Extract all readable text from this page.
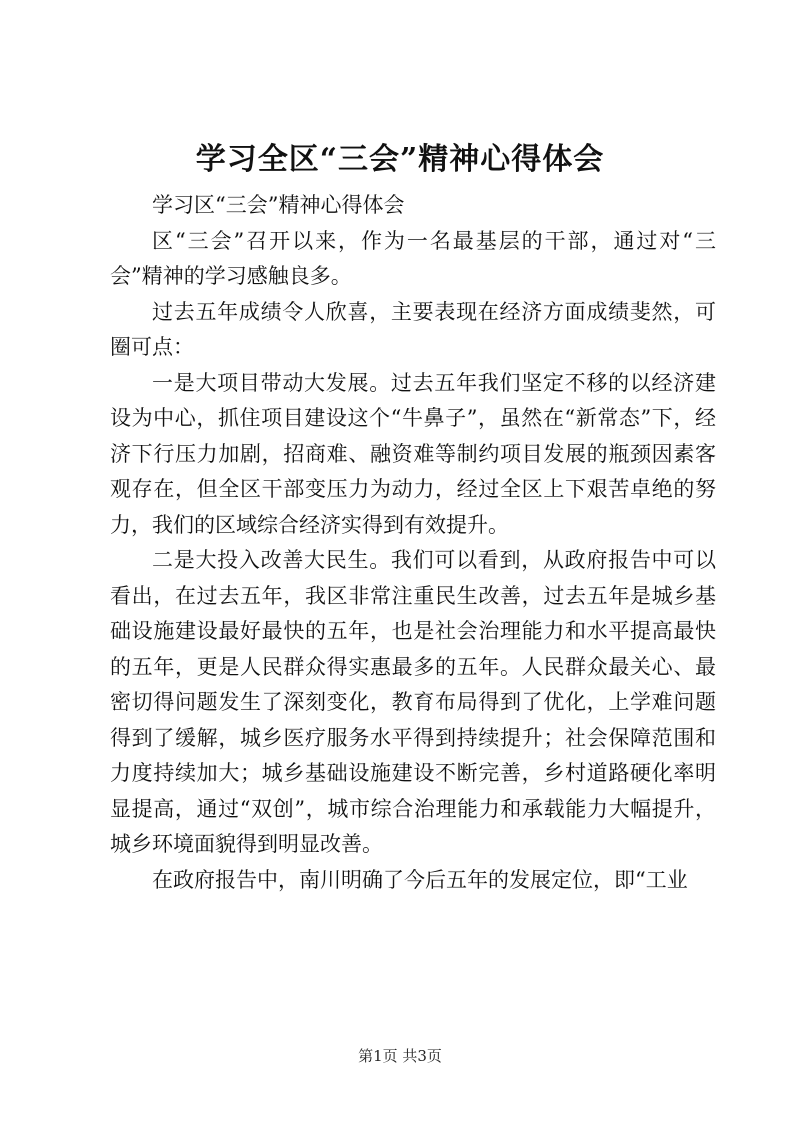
学习全区“三会”精神心得体会

学习区“三会”精神心得体会

区“三会”召开以来，作为一名最基层的干部，通过对“三会”精神的学习感触良多。

过去五年成绩令人欣喜，主要表现在经济方面成绩斐然，可圈可点：

一是大项目带动大发展。过去五年我们坚定不移的以经济建设为中心，抓住项目建设这个“牛鼻子”，虽然在“新常态”下，经济下行压力加剧，招商难、融资难等制约项目发展的瓶颈因素客观存在，但全区干部变压力为动力，经过全区上下艰苦卓绝的努力，我们的区域综合经济实得到有效提升。

二是大投入改善大民生。我们可以看到，从政府报告中可以看出，在过去五年，我区非常注重民生改善，过去五年是城乡基础设施建设最好最快的五年，也是社会治理能力和水平提高最快的五年，更是人民群众得实惠最多的五年。人民群众最关心、最密切得问题发生了深刻变化，教育布局得到了优化，上学难问题得到了缓解，城乡医疗服务水平得到持续提升；社会保障范围和力度持续加大；城乡基础设施建设不断完善，乡村道路硬化率明显提高，通过“双创”，城市综合治理能力和承载能力大幅提升，城乡环境面貌得到明显改善。

在政府报告中，南川明确了今后五年的发展定位，即“工业

第1页 共3页
